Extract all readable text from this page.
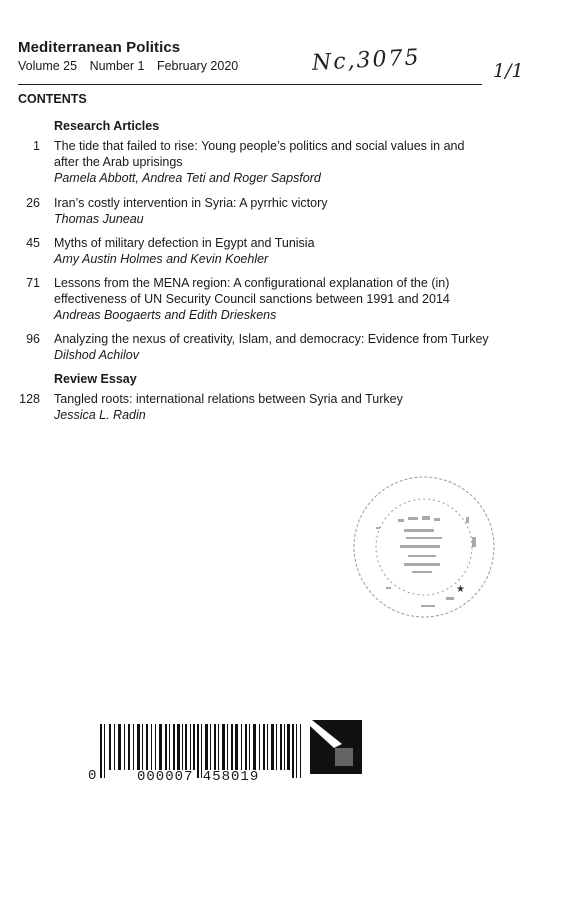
Mediterranean Politics
Volume 25 Number 1 February 2020	Nc,3075	1/1
CONTENTS
Research Articles
1 The tide that failed to rise: Young people’s politics and social values in and
after the Arab uprisings
Pamela Abbott, Andrea Teti and Roger Sapsford
26 Iran’s costly intervention in Syria: A pyrrhic victory
Thomas Juneau
45 Myths of military defection in Egypt and Tunisia
Amy Austin Holmes and Kevin Koehler
71 Lessons from the MENA region: A configurational explanation of the (in)
effectiveness of UN Security Council sanctions between 1991 and 2014
Andreas Boogaerts and Edith Drieskens
96 Analyzing the nexus of creativity, Islam, and democracy: Evidence from Turkey
Dilshod Achilov
Review Essay
128 Tangled roots: international relations between Syria and Turkey
Jessica L. Radin
★
0	000007 458019
